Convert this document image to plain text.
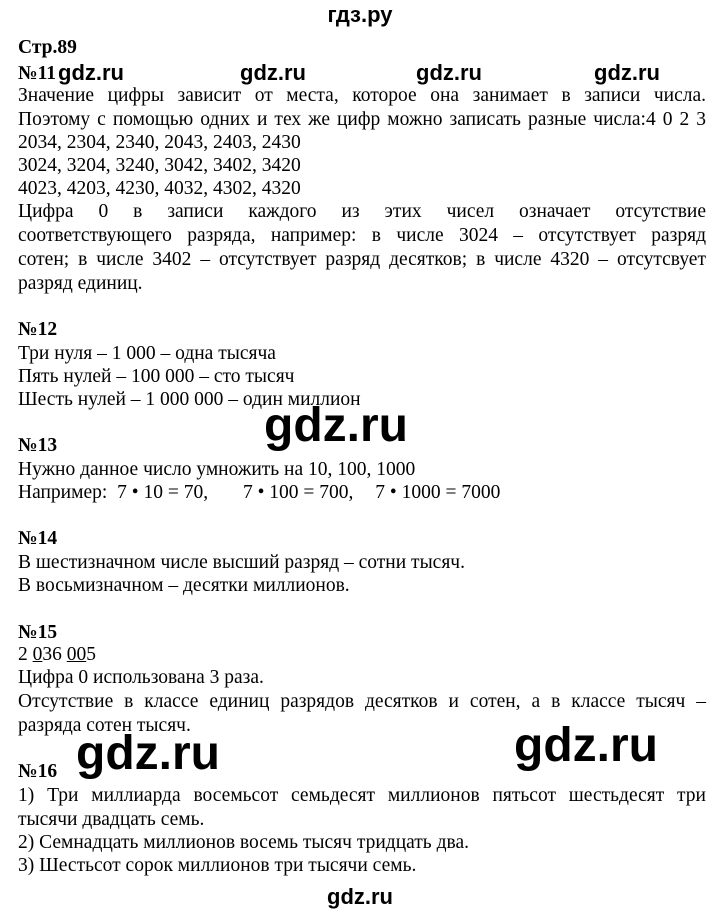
гдз.ру
Стр.89
№11 gdz.ru	gdz.ru	gdz.ru	gdz.ru
Значение цифры зависит от места, которое она занимает в записи числа.
Поэтому с помощью одних и тех же цифр можно записать разные числа:4 0 2 3
2034, 2304, 2340, 2043, 2403, 2430
3024, 3204, 3240, 3042, 3402, 3420
4023, 4203, 4230, 4032, 4302, 4320
Цифра 0 в записи каждого из этих чисел означает отсутствие
соответствующего разряда, например: в числе 3024 – отсутствует разряд
сотен; в числе 3402 – отсутствует разряд десятков; в числе 4320 – отсутсвует
разряд единиц.
№12
Три нуля – 1 000 – одна тысяча
Пять нулей – 100 000 – сто тысяч
Шесть нулей – 1 000 000 – один миллион
gdz.ru
№13
Нужно данное число умножить на 10, 100, 1000
Например: 7 • 10 = 70, 7 • 100 = 700, 7 • 1000 = 7000
№14
В шестизначном числе высший разряд – сотни тысяч.
В восьмизначном – десятки миллионов.
№15
2 036 005
Цифра 0 использована 3 раза.
Отсутствие в классе единиц разрядов десятков и сотен, а в классе тысяч –
разряда сотен тысяч.
gdz.ru	gdz.ru
№16
1) Три миллиарда восемьсот семьдесят миллионов пятьсот шестьдесят три
тысячи двадцать семь.
2) Семнадцать миллионов восемь тысяч тридцать два.
3) Шестьсот сорок миллионов три тысячи семь.
gdz.ru
